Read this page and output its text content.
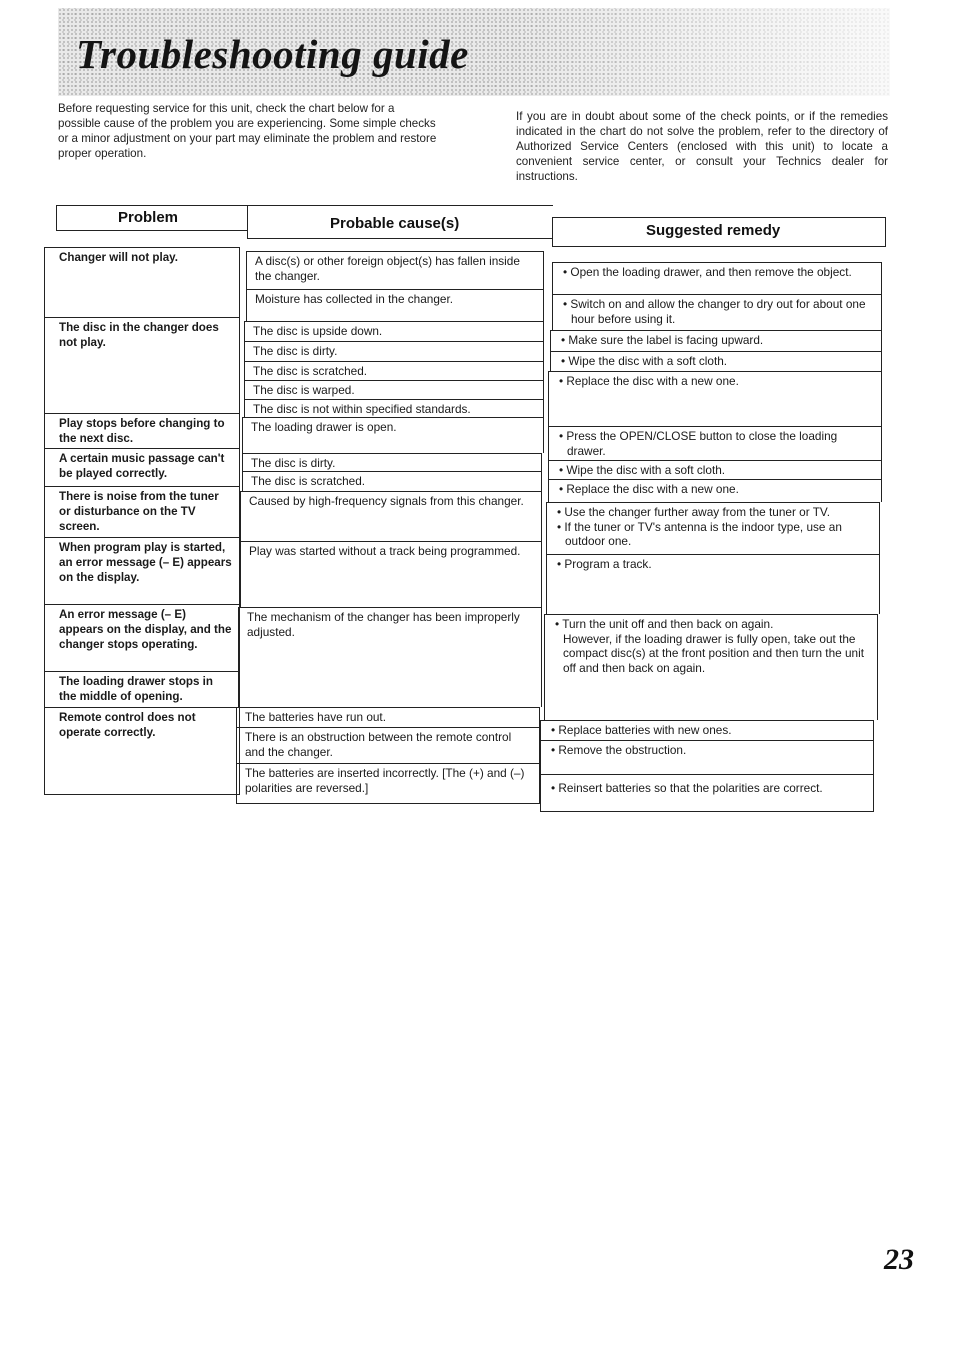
Troubleshooting guide

Before requesting service for this unit, check the chart below for a possible cause of the problem you are experiencing. Some simple checks or a minor adjustment on your part may eliminate the problem and restore proper operation.

If you are in doubt about some of the check points, or if the remedies indicated in the chart do not solve the problem, refer to the directory of Authorized Service Centers (enclosed with this unit) to locate a convenient service center, or consult your Technics dealer for instructions.

Problem	Probable cause(s)	Suggested remedy
Changer will not play.
The disc in the changer does not play.
Play stops before changing to the next disc.
A certain music passage can't be played correctly.
There is noise from the tuner or disturbance on the TV screen.
When program play is started, an error message (– E) appears on the display.
An error message (– E) appears on the display, and the changer stops operating.
The loading drawer stops in the middle of opening.
Remote control does not operate correctly.
A disc(s) or other foreign object(s) has fallen inside the changer.
Moisture has collected in the changer.
The disc is upside down.
The disc is dirty.
The disc is scratched.
The disc is warped.
The disc is not within specified standards.
The loading drawer is open.
The disc is dirty.
The disc is scratched.
Caused by high-frequency signals from this changer.
Play was started without a track being programmed.
The mechanism of the changer has been improperly adjusted.
The batteries have run out.
There is an obstruction between the remote control and the changer.
The batteries are inserted incorrectly. [The (+) and (–) polarities are reversed.]
• Open the loading drawer, and then remove the object.
• Switch on and allow the changer to dry out for about one hour before using it.
• Make sure the label is facing upward.
• Wipe the disc with a soft cloth.
• Replace the disc with a new one.
• Press the OPEN/CLOSE button to close the loading drawer.
• Wipe the disc with a soft cloth.
• Replace the disc with a new one.
• Use the changer further away from the tuner or TV.
• If the tuner or TV's antenna is the indoor type, use an outdoor one.
• Program a track.
• Turn the unit off and then back on again.
However, if the loading drawer is fully open, take out the compact disc(s) at the front position and then turn the unit off and then back on again.
• Replace batteries with new ones.
• Remove the obstruction.
• Reinsert batteries so that the polarities are correct.

23
